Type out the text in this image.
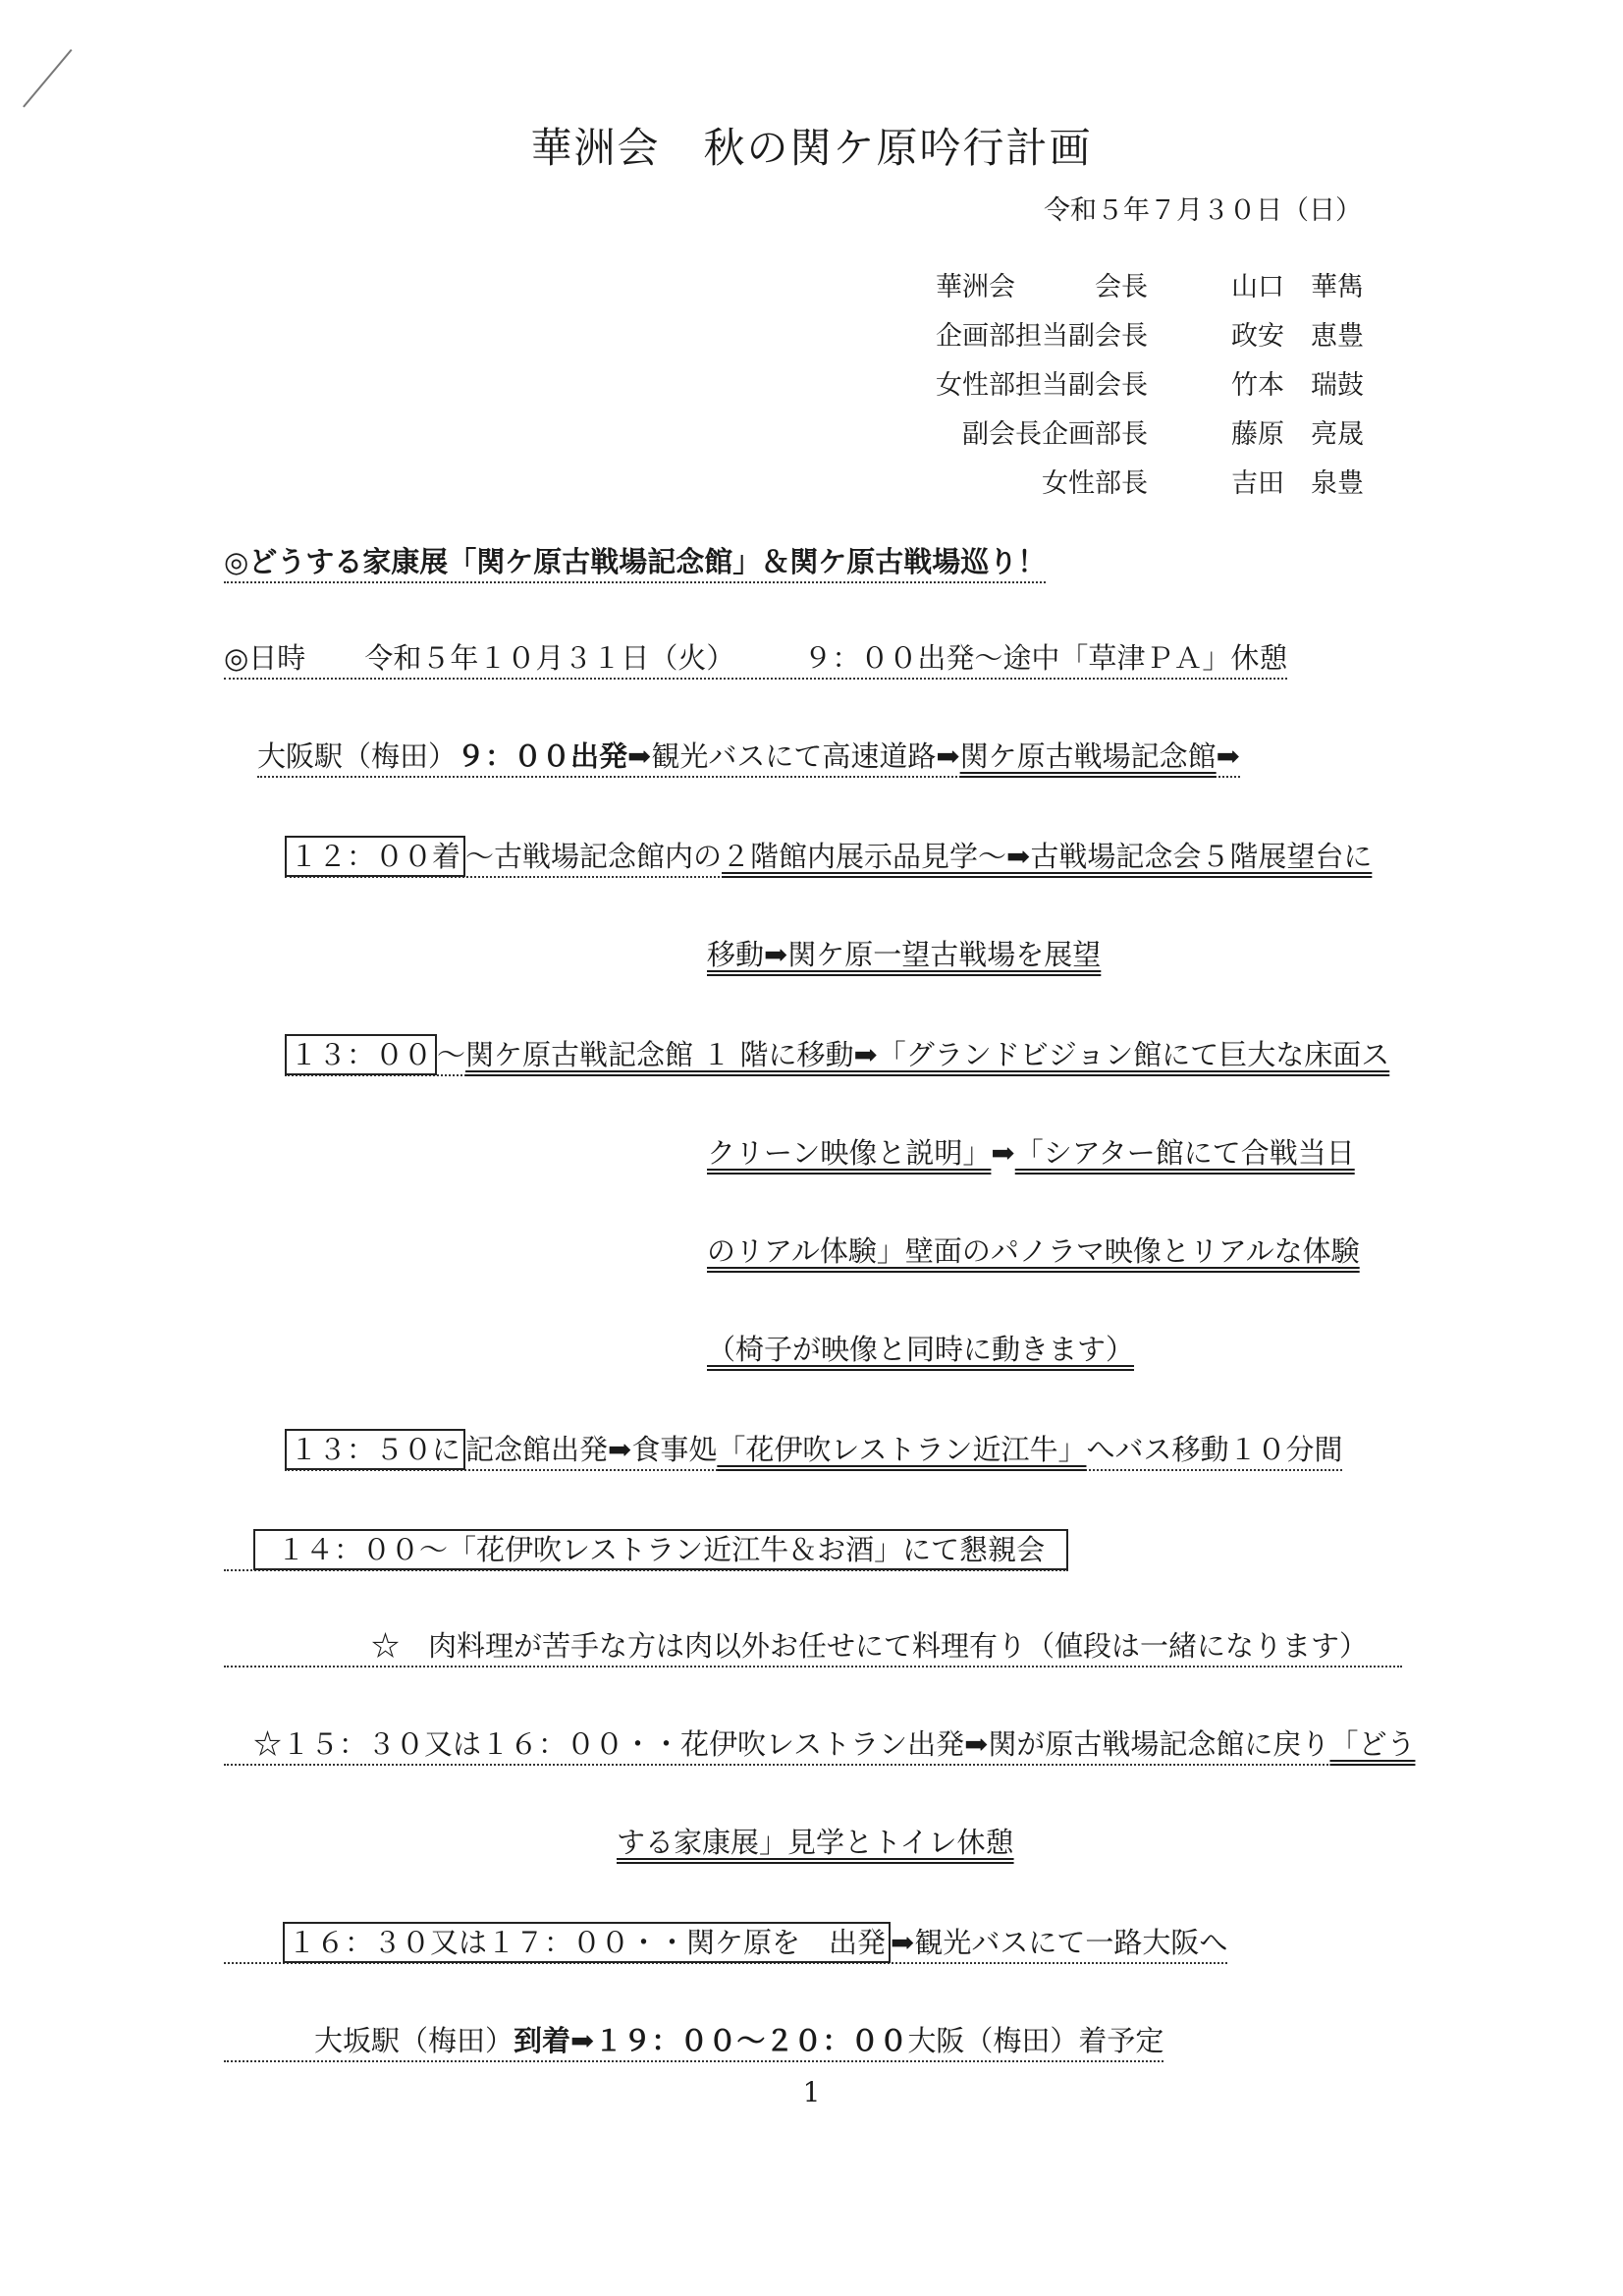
華洲会　秋の関ケ原吟行計画
令和５年７月３０日（日）
華洲会　　　会長	山口　華雋
企画部担当副会長	政安　恵豊
女性部担当副会長	竹本　瑞鼓
副会長企画部長	藤原　亮晟
女性部長	吉田　泉豊
◎どうする家康展「関ケ原古戦場記念館」＆関ケ原古戦場巡り！
◎日時 令和５年１０月３１日（火） ９：００出発～途中「草津ＰＡ」休憩
大阪駅（梅田）９：００出発➡観光バスにて高速道路➡関ケ原古戦場記念館➡
１２：００着 ～古戦場記念館内の２階館内展示品見学～➡古戦場記念会５階展望台に
移動➡関ケ原一望古戦場を展望
１３：００ ～関ケ原古戦記念館 １ 階に移動➡「グランドビジョン館にて巨大な床面ス
クリーン映像と説明」➡「シアター館にて合戦当日
のリアル体験」壁面のパノラマ映像とリアルな体験
（椅子が映像と同時に動きます）
１３：５０に 記念館出発➡食事処「花伊吹レストラン近江牛」へバス移動１０分間
１４：００～「花伊吹レストラン近江牛＆お酒」にて懇親会
☆　肉料理が苦手な方は肉以外お任せにて料理有り（値段は一緒になります）
☆１５：３０又は１６：００・・花伊吹レストラン出発➡関が原古戦場記念館に戻り「どう
する家康展」見学とトイレ休憩
１６：３０又は１７：００・・関ケ原を　出発 ➡観光バスにて一路大阪へ
大坂駅（梅田）到着➡１９：００～２０：００大阪（梅田）着予定
1
